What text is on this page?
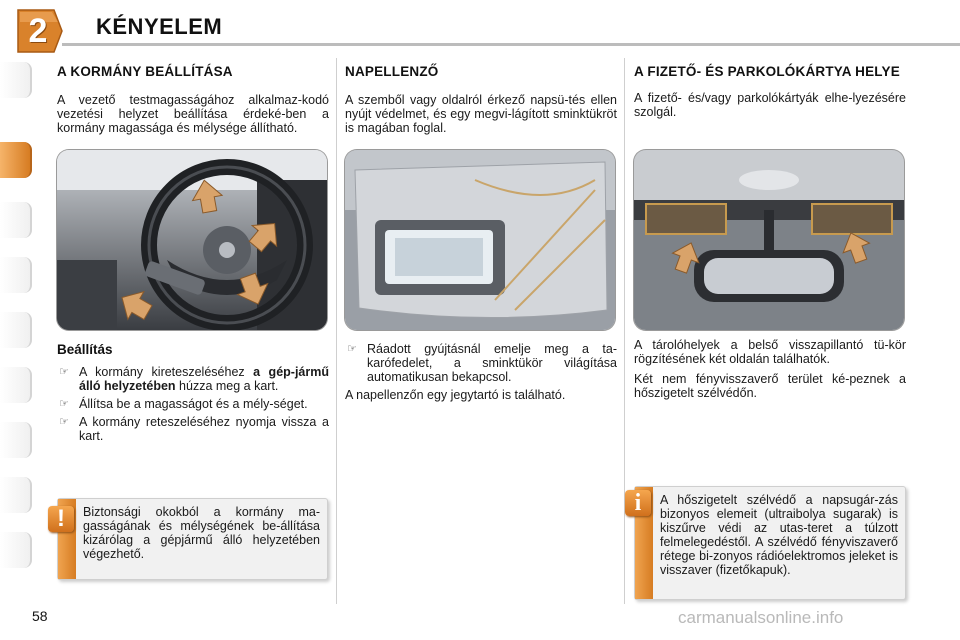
2	KÉNYELEM
A KORMÁNY BEÁLLÍTÁSA

A vezető testmagasságához alkalmaz-kodó vezetési helyzet beállítása érdeké-ben a kormány magassága és mélysége állítható.

Beállítás
☞ A kormány kireteszeléséhez a gép-jármű álló helyzetében húzza meg a kart.
☞ Állítsa be a magasságot és a mély-séget.
☞ A kormány reteszeléséhez nyomja vissza a kart.
Biztonsági okokból a kormány ma-gasságának és mélységének be-állítása kizárólag a gépjármű álló helyzetében végezhető.
!
NAPELLENZŐ

A szemből vagy oldalról érkező napsü-tés ellen nyújt védelmet, és egy megvi-lágított sminktükröt is magában foglal.

☞ Ráadott gyújtásnál emelje meg a ta-karófedelet, a sminktükör világítása automatikusan bekapcsol.

A napellenzőn egy jegytartó is található.

A FIZETŐ- ÉS PARKOLÓKÁRTYA HELYE

A fizető- és/vagy parkolókártyák elhe-lyezésére szolgál.

A tárolóhelyek a belső visszapillantó tü-kör rögzítésének két oldalán találhatók.

Két nem fényvisszaverő terület ké-peznek a hőszigetelt szélvédőn.

A hőszigetelt szélvédő a napsugár-zás bizonyos elemeit (ultraibolya sugarak) is kiszűrve védi az utas-teret a túlzott felmelegedéstől. A szélvédő fényviszaverő rétege bi-zonyos rádióelektromos jeleket is visszaver (fizetőkapuk).
i
58	carmanualsonline.info
